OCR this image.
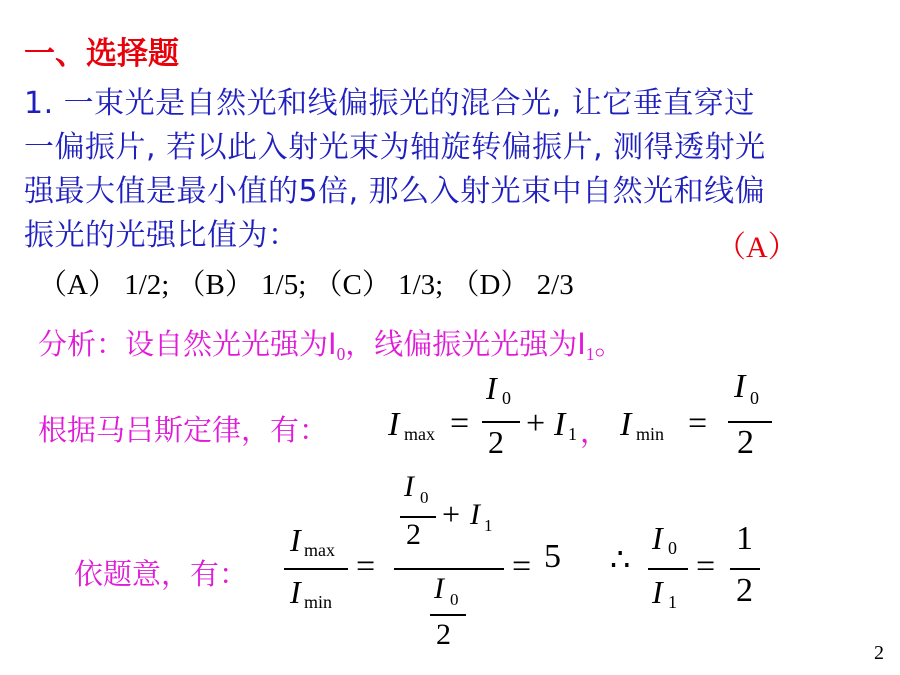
一、选择题
1. 一束光是自然光和线偏振光的混合光, 让它垂直穿过
一偏振片, 若以此入射光束为轴旋转偏振片, 测得透射光
强最大值是最小值的5倍, 那么入射光束中自然光和线偏
振光的光强比值为：	（A）
（A） 1/2; （B） 1/5; （C） 1/3; （D） 2/3
分析：设自然光光强为$I_0$，线偏振光光强为$I_1$。
根据马吕斯定律，有： I max =
I 0
2 + I 1 ， I min =
I 0
2
依题意，有：
I max
I min
=
I 0
2
+ I 1
I 0
2
= 5 ∴
I 0
I 1
=
1
2
2
